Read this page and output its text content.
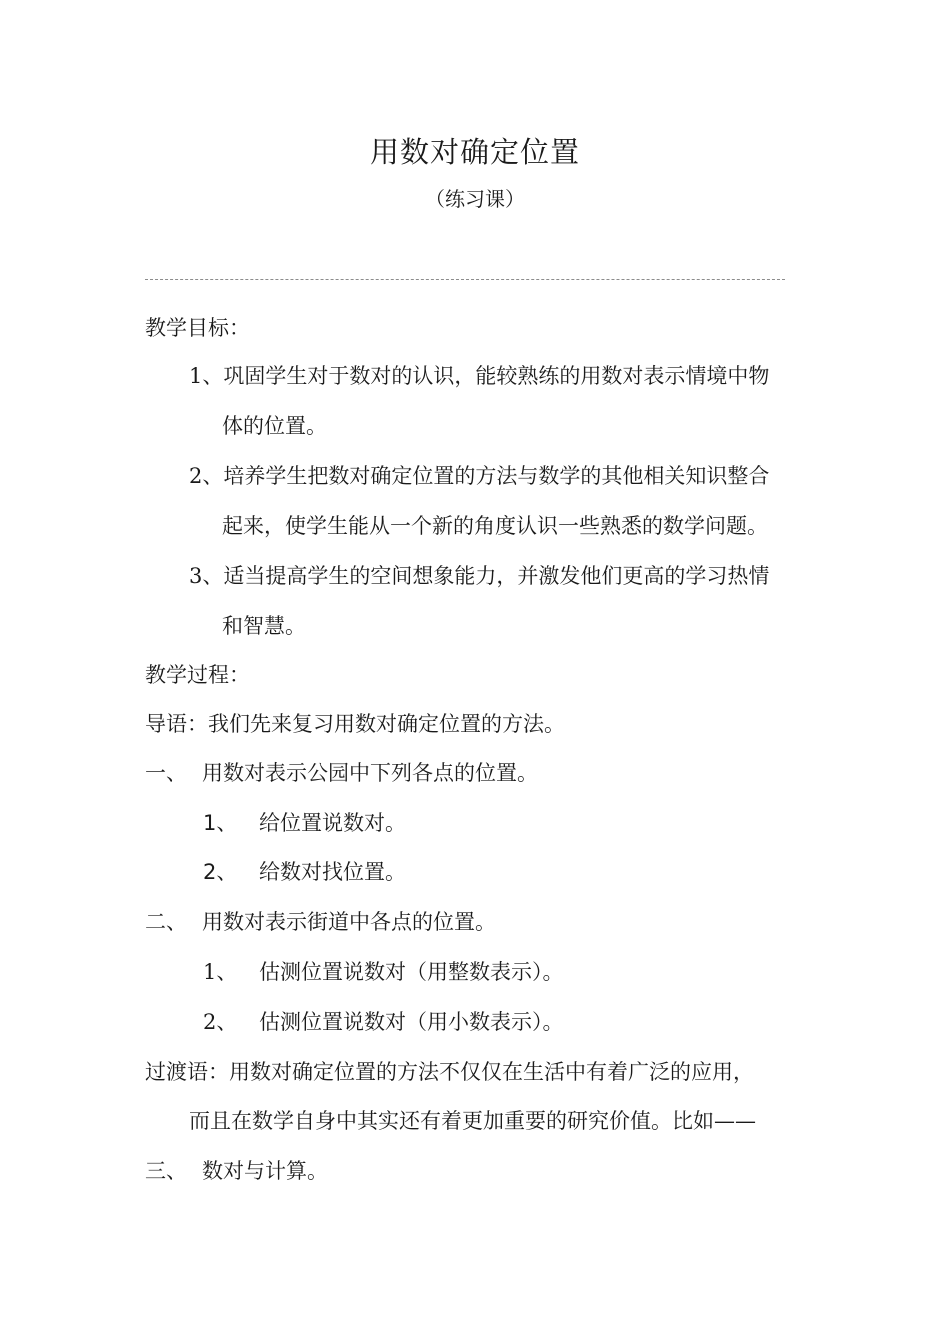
用数对确定位置
（练习课）
教学目标：
1、巩固学生对于数对的认识，能较熟练的用数对表示情境中物
体的位置。
2、培养学生把数对确定位置的方法与数学的其他相关知识整合
起来，使学生能从一个新的角度认识一些熟悉的数学问题。
3、适当提高学生的空间想象能力，并激发他们更高的学习热情
和智慧。
教学过程：
导语：我们先来复习用数对确定位置的方法。
一、 用数对表示公园中下列各点的位置。
1、 给位置说数对。
2、 给数对找位置。
二、 用数对表示街道中各点的位置。
1、 估测位置说数对（用整数表示）。
2、 估测位置说数对（用小数表示）。
过渡语：用数对确定位置的方法不仅仅在生活中有着广泛的应用，
而且在数学自身中其实还有着更加重要的研究价值。比如——
三、 数对与计算。
